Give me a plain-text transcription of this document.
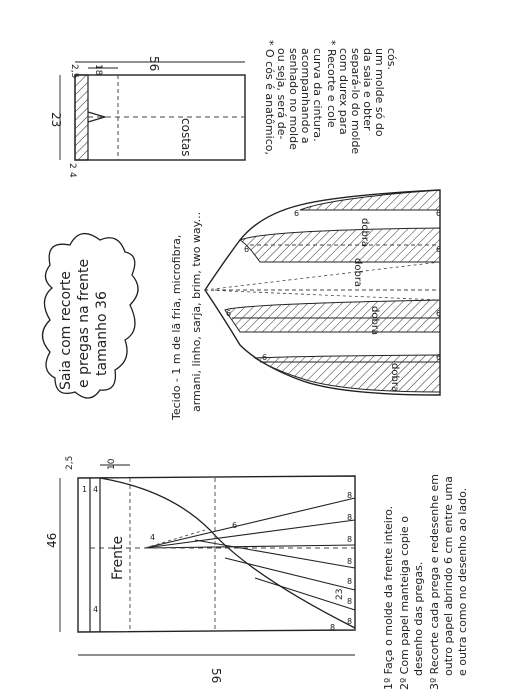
costas
23
56
2,5 18
2
4
* O cós é anatômico, ou seja, será de- senhado no molde acompanhando a curva da cintura. * Recorte e cole com durex para separá-lo do molde da saia e obter um molde só do cós.
Saia com recorte e pregas na frente tamanho 36	Tecido - 1 m de lã fria, microfibra, armani, linho, sarja, brim, two way...	dobra
dobra
dobra
dobra
6	6
6	6
6	6
6	6
Frente
46
56
2,5	10
23
1 4
4
8
8
8
8
8
8
8
8
6
4	1º Faça o molde da frente inteiro. 2º Com papel manteiga copie o desenho das pregas. 3º Recorte cada prega e redesenhe em outro papel abrindo 6 cm entre uma e outra como no desenho ao lado.
